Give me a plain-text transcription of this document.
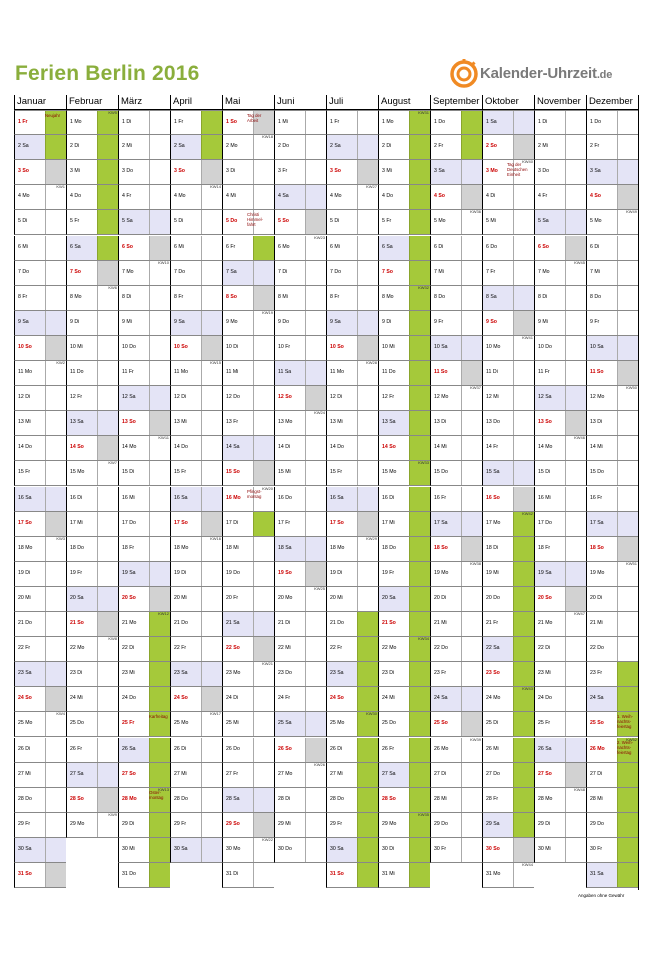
Ferien Berlin 2016	Kalender-Uhrzeit.de
Januar
1 Fr
Neujahr
2 Sa
3 So
4 Mo
KW1
5 Di
6 Mi
7 Do
8 Fr
9 Sa
10 So
11 Mo
KW2
12 Di
13 Mi
14 Do
15 Fr
16 Sa
17 So
18 Mo
KW3
19 Di
20 Mi
21 Do
22 Fr
23 Sa
24 So
25 Mo
KW4
26 Di
27 Mi
28 Do
29 Fr
30 Sa
31 So
Februar
1 Mo
KW5
2 Di
3 Mi
4 Do
5 Fr
6 Sa
7 So
8 Mo
KW6
9 Di
10 Mi
11 Do
12 Fr
13 Sa
14 So
15 Mo
KW7
16 Di
17 Mi
18 Do
19 Fr
20 Sa
21 So
22 Mo
KW8
23 Di
24 Mi
25 Do
26 Fr
27 Sa
28 So
29 Mo
KW9
März
1 Di
2 Mi
3 Do
4 Fr
5 Sa
6 So
7 Mo
KW10
8 Di
9 Mi
10 Do
11 Fr
12 Sa
13 So
14 Mo
KW11
15 Di
16 Mi
17 Do
18 Fr
19 Sa
20 So
21 Mo
KW12
22 Di
23 Mi
24 Do
25 Fr
Karfreitag
26 Sa
27 So
28 Mo
KW13
Oster-montag
29 Di
30 Mi
31 Do
April
1 Fr
2 Sa
3 So
4 Mo
KW14
5 Di
6 Mi
7 Do
8 Fr
9 Sa
10 So
11 Mo
KW15
12 Di
13 Mi
14 Do
15 Fr
16 Sa
17 So
18 Mo
KW16
19 Di
20 Mi
21 Do
22 Fr
23 Sa
24 So
25 Mo
KW17
26 Di
27 Mi
28 Do
29 Fr
30 Sa
Mai
1 So
Tag der Arbeit
2 Mo
KW18
3 Di
4 Mi
5 Do
Christi Himmel-fahrt
6 Fr
7 Sa
8 So
9 Mo
KW19
10 Di
11 Mi
12 Do
13 Fr
14 Sa
15 So
16 Mo
KW20
Pfingst-montag
17 Di
18 Mi
19 Do
20 Fr
21 Sa
22 So
23 Mo
KW21
24 Di
25 Mi
26 Do
27 Fr
28 Sa
29 So
30 Mo
KW22
31 Di
Juni
1 Mi
2 Do
3 Fr
4 Sa
5 So
6 Mo
KW23
7 Di
8 Mi
9 Do
10 Fr
11 Sa
12 So
13 Mo
KW24
14 Di
15 Mi
16 Do
17 Fr
18 Sa
19 So
20 Mo
KW25
21 Di
22 Mi
23 Do
24 Fr
25 Sa
26 So
27 Mo
KW26
28 Di
29 Mi
30 Do
Juli
1 Fr
2 Sa
3 So
4 Mo
KW27
5 Di
6 Mi
7 Do
8 Fr
9 Sa
10 So
11 Mo
KW28
12 Di
13 Mi
14 Do
15 Fr
16 Sa
17 So
18 Mo
KW29
19 Di
20 Mi
21 Do
22 Fr
23 Sa
24 So
25 Mo
KW30
26 Di
27 Mi
28 Do
29 Fr
30 Sa
31 So
August
1 Mo
KW31
2 Di
3 Mi
4 Do
5 Fr
6 Sa
7 So
8 Mo
KW32
9 Di
10 Mi
11 Do
12 Fr
13 Sa
14 So
15 Mo
KW33
16 Di
17 Mi
18 Do
19 Fr
20 Sa
21 So
22 Mo
KW34
23 Di
24 Mi
25 Do
26 Fr
27 Sa
28 So
29 Mo
KW35
30 Di
31 Mi
September
1 Do
2 Fr
3 Sa
4 So
5 Mo
KW36
6 Di
7 Mi
8 Do
9 Fr
10 Sa
11 So
12 Mo
KW37
13 Di
14 Mi
15 Do
16 Fr
17 Sa
18 So
19 Mo
KW38
20 Di
21 Mi
22 Do
23 Fr
24 Sa
25 So
26 Mo
KW39
27 Di
28 Mi
29 Do
30 Fr
Oktober
1 Sa
2 So
3 Mo
KW40
Tag der Deutschen Einheit
4 Di
5 Mi
6 Do
7 Fr
8 Sa
9 So
10 Mo
KW41
11 Di
12 Mi
13 Do
14 Fr
15 Sa
16 So
17 Mo
KW42
18 Di
19 Mi
20 Do
21 Fr
22 Sa
23 So
24 Mo
KW43
25 Di
26 Mi
27 Do
28 Fr
29 Sa
30 So
31 Mo
KW44
November
1 Di
2 Mi
3 Do
4 Fr
5 Sa
6 So
7 Mo
KW45
8 Di
9 Mi
10 Do
11 Fr
12 Sa
13 So
14 Mo
KW46
15 Di
16 Mi
17 Do
18 Fr
19 Sa
20 So
21 Mo
KW47
22 Di
23 Mi
24 Do
25 Fr
26 Sa
27 So
28 Mo
KW48
29 Di
30 Mi
Dezember
1 Do
2 Fr
3 Sa
4 So
5 Mo
KW49
6 Di
7 Mi
8 Do
9 Fr
10 Sa
11 So
12 Mo
KW50
13 Di
14 Mi
15 Do
16 Fr
17 Sa
18 So
19 Mo
KW51
20 Di
21 Mi
22 Do
23 Fr
24 Sa
25 So
1. Weih-nachts-feiertag
26 Mo
KW52
2. Weih-nachts-feiertag
27 Di
28 Mi
29 Do
30 Fr
31 Sa
Angaben ohne Gewähr
